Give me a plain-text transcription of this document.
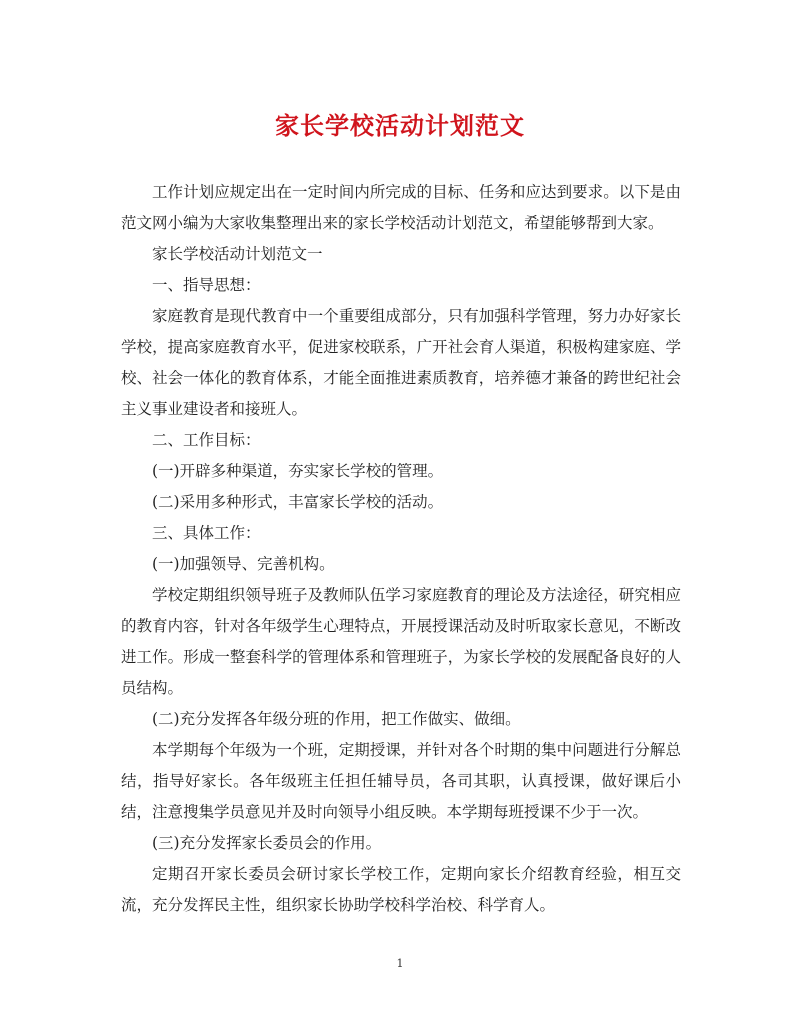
家长学校活动计划范文

工作计划应规定出在一定时间内所完成的目标、任务和应达到要求。以下是由范文网小编为大家收集整理出来的家长学校活动计划范文，希望能够帮到大家。

家长学校活动计划范文一

一、指导思想：

家庭教育是现代教育中一个重要组成部分，只有加强科学管理，努力办好家长学校，提高家庭教育水平，促进家校联系，广开社会育人渠道，积极构建家庭、学校、社会一体化的教育体系，才能全面推进素质教育，培养德才兼备的跨世纪社会主义事业建设者和接班人。

二、工作目标：

(一)开辟多种渠道，夯实家长学校的管理。

(二)采用多种形式，丰富家长学校的活动。

三、具体工作：

(一)加强领导、完善机构。

学校定期组织领导班子及教师队伍学习家庭教育的理论及方法途径，研究相应的教育内容，针对各年级学生心理特点，开展授课活动及时听取家长意见，不断改进工作。形成一整套科学的管理体系和管理班子，为家长学校的发展配备良好的人员结构。

(二)充分发挥各年级分班的作用，把工作做实、做细。

本学期每个年级为一个班，定期授课，并针对各个时期的集中问题进行分解总结，指导好家长。各年级班主任担任辅导员，各司其职，认真授课，做好课后小结，注意搜集学员意见并及时向领导小组反映。本学期每班授课不少于一次。

(三)充分发挥家长委员会的作用。

定期召开家长委员会研讨家长学校工作，定期向家长介绍教育经验，相互交流，充分发挥民主性，组织家长协助学校科学治校、科学育人。

1
